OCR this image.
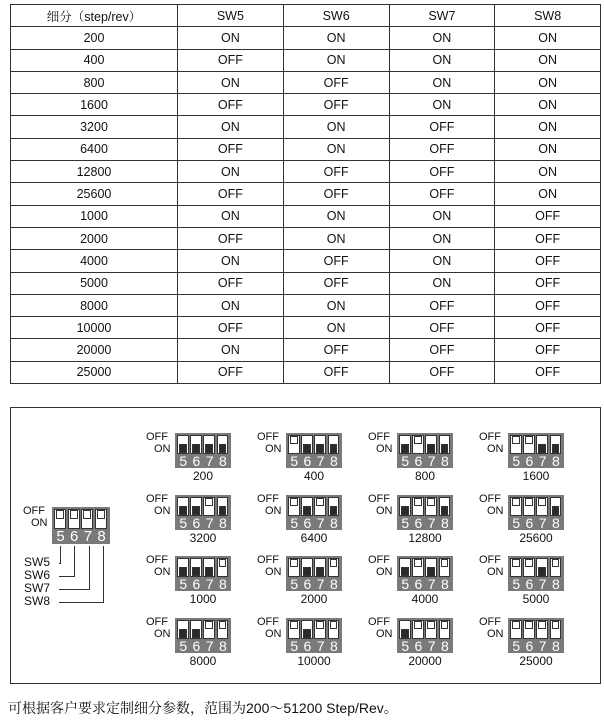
细分（step/rev）	SW5	SW6	SW7	SW8
200	ON	ON	ON	ON
400	OFF	ON	ON	ON
800	ON	OFF	ON	ON
1600	OFF	OFF	ON	ON
3200	ON	ON	OFF	ON
6400	OFF	ON	OFF	ON
12800	ON	OFF	OFF	ON
25600	OFF	OFF	OFF	ON
1000	ON	ON	ON	OFF
2000	OFF	ON	ON	OFF
4000	ON	OFF	ON	OFF
5000	OFF	OFF	ON	OFF
8000	ON	ON	OFF	OFF
10000	OFF	ON	OFF	OFF
20000	ON	OFF	OFF	OFF
25000	OFF	OFF	OFF	OFF
OFF
ON
5 6 7 8
SW5
SW6
SW7
SW8
OFF
ON
5 6 7 8
200
OFF
ON
5 6 7 8
400
OFF
ON
5 6 7 8
800
OFF
ON
5 6 7 8
1600
OFF
ON
5 6 7 8
3200
OFF
ON
5 6 7 8
6400
OFF
ON
5 6 7 8
12800
OFF
ON
5 6 7 8
25600
OFF
ON
5 6 7 8
1000
OFF
ON
5 6 7 8
2000
OFF
ON
5 6 7 8
4000
OFF
ON
5 6 7 8
5000
OFF
ON
5 6 7 8
8000
OFF
ON
5 6 7 8
10000
OFF
ON
5 6 7 8
20000
OFF
ON
5 6 7 8
25000
可根据客户要求定制细分参数，范围为200～51200 Step/Rev。
